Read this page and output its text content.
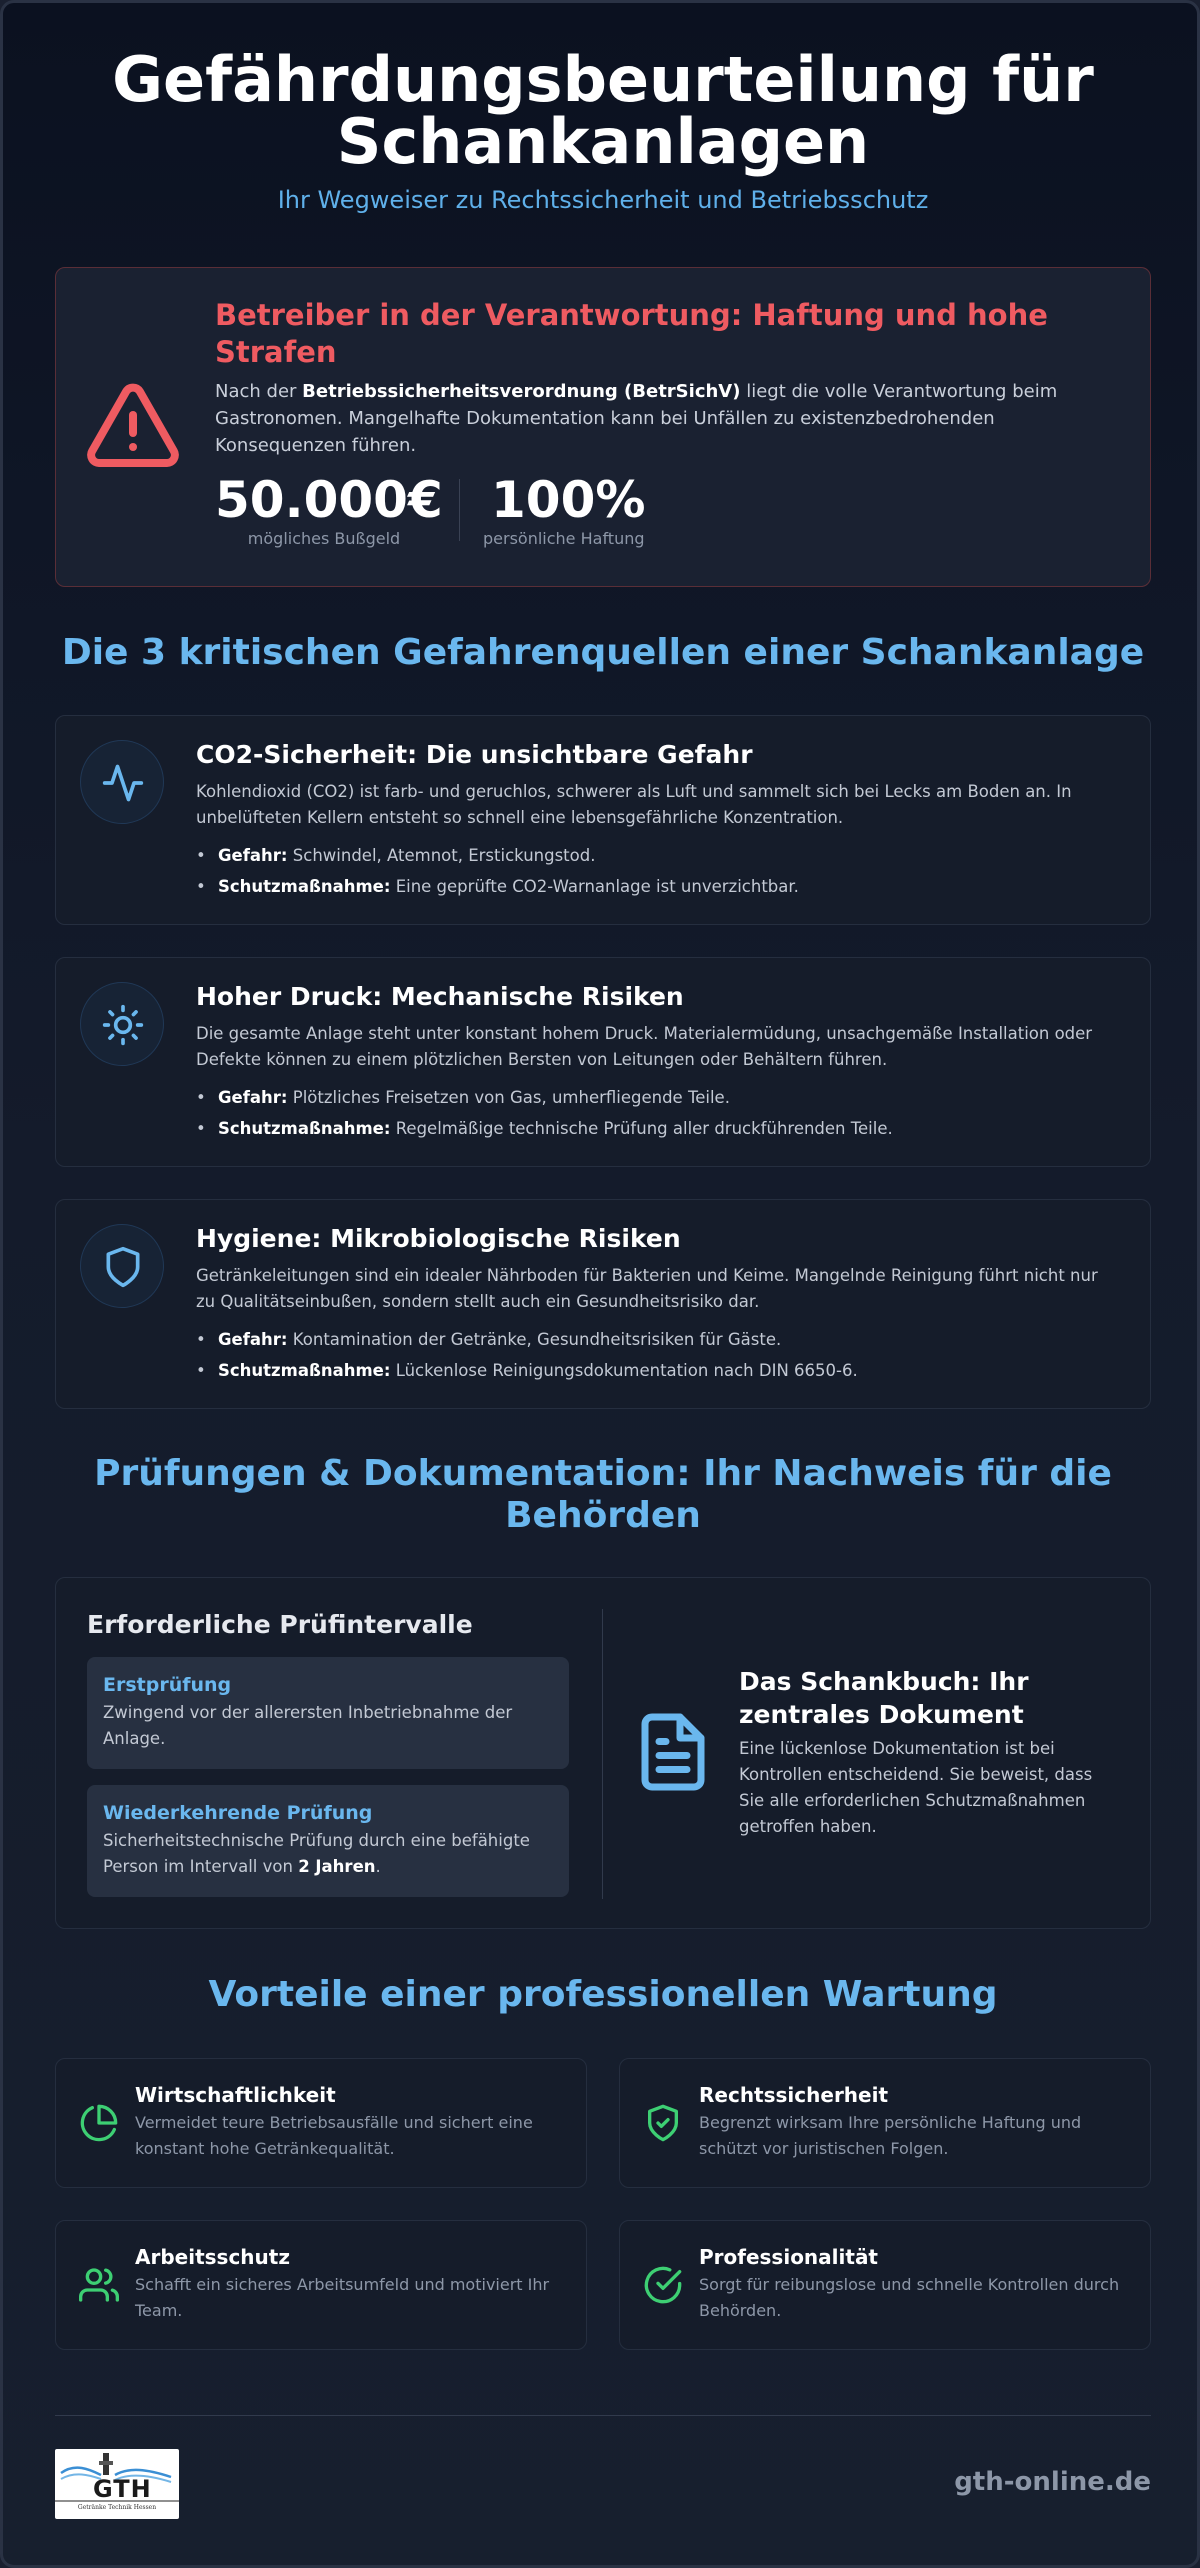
Gefährdungsbeurteilung für Schankanlagen
Ihr Wegweiser zu Rechtssicherheit und Betriebsschutz
Betreiber in der Verantwortung: Haftung und hohe Strafen
Nach der Betriebssicherheitsverordnung (BetrSichV) liegt die volle Verantwortung beim Gastronomen. Mangelhafte Dokumentation kann bei Unfällen zu existenzbedrohenden Konsequenzen führen.
50.000€
mögliches Bußgeld
100%
persönliche Haftung
Die 3 kritischen Gefahrenquellen einer Schankanlage
CO2-Sicherheit: Die unsichtbare Gefahr
Kohlendioxid (CO2) ist farb- und geruchlos, schwerer als Luft und sammelt sich bei Lecks am Boden an. In unbelüfteten Kellern entsteht so schnell eine lebensgefährliche Konzentration.
• Gefahr: Schwindel, Atemnot, Erstickungstod.
• Schutzmaßnahme: Eine geprüfte CO2-Warnanlage ist unverzichtbar.
Hoher Druck: Mechanische Risiken
Die gesamte Anlage steht unter konstant hohem Druck. Materialermüdung, unsachgemäße Installation oder Defekte können zu einem plötzlichen Bersten von Leitungen oder Behältern führen.
• Gefahr: Plötzliches Freisetzen von Gas, umherfliegende Teile.
• Schutzmaßnahme: Regelmäßige technische Prüfung aller druckführenden Teile.
Hygiene: Mikrobiologische Risiken
Getränkeleitungen sind ein idealer Nährboden für Bakterien und Keime. Mangelnde Reinigung führt nicht nur zu Qualitätseinbußen, sondern stellt auch ein Gesundheitsrisiko dar.
• Gefahr: Kontamination der Getränke, Gesundheitsrisiken für Gäste.
• Schutzmaßnahme: Lückenlose Reinigungsdokumentation nach DIN 6650-6.
Prüfungen & Dokumentation: Ihr Nachweis für die Behörden
Erforderliche Prüfintervalle
Erstprüfung
Zwingend vor der allerersten Inbetriebnahme der Anlage.
Wiederkehrende Prüfung
Sicherheitstechnische Prüfung durch eine befähigte Person im Intervall von 2 Jahren.
Das Schankbuch: Ihr zentrales Dokument
Eine lückenlose Dokumentation ist bei Kontrollen entscheidend. Sie beweist, dass Sie alle erforderlichen Schutzmaßnahmen getroffen haben.
Vorteile einer professionellen Wartung
Wirtschaftlichkeit
Vermeidet teure Betriebsausfälle und sichert eine konstant hohe Getränkequalität.
Rechtssicherheit
Begrenzt wirksam Ihre persönliche Haftung und schützt vor juristischen Folgen.
Arbeitsschutz
Schafft ein sicheres Arbeitsumfeld und motiviert Ihr Team.
Professionalität
Sorgt für reibungslose und schnelle Kontrollen durch Behörden.
GTH
Getränke Technik Hessen
gth-online.de
